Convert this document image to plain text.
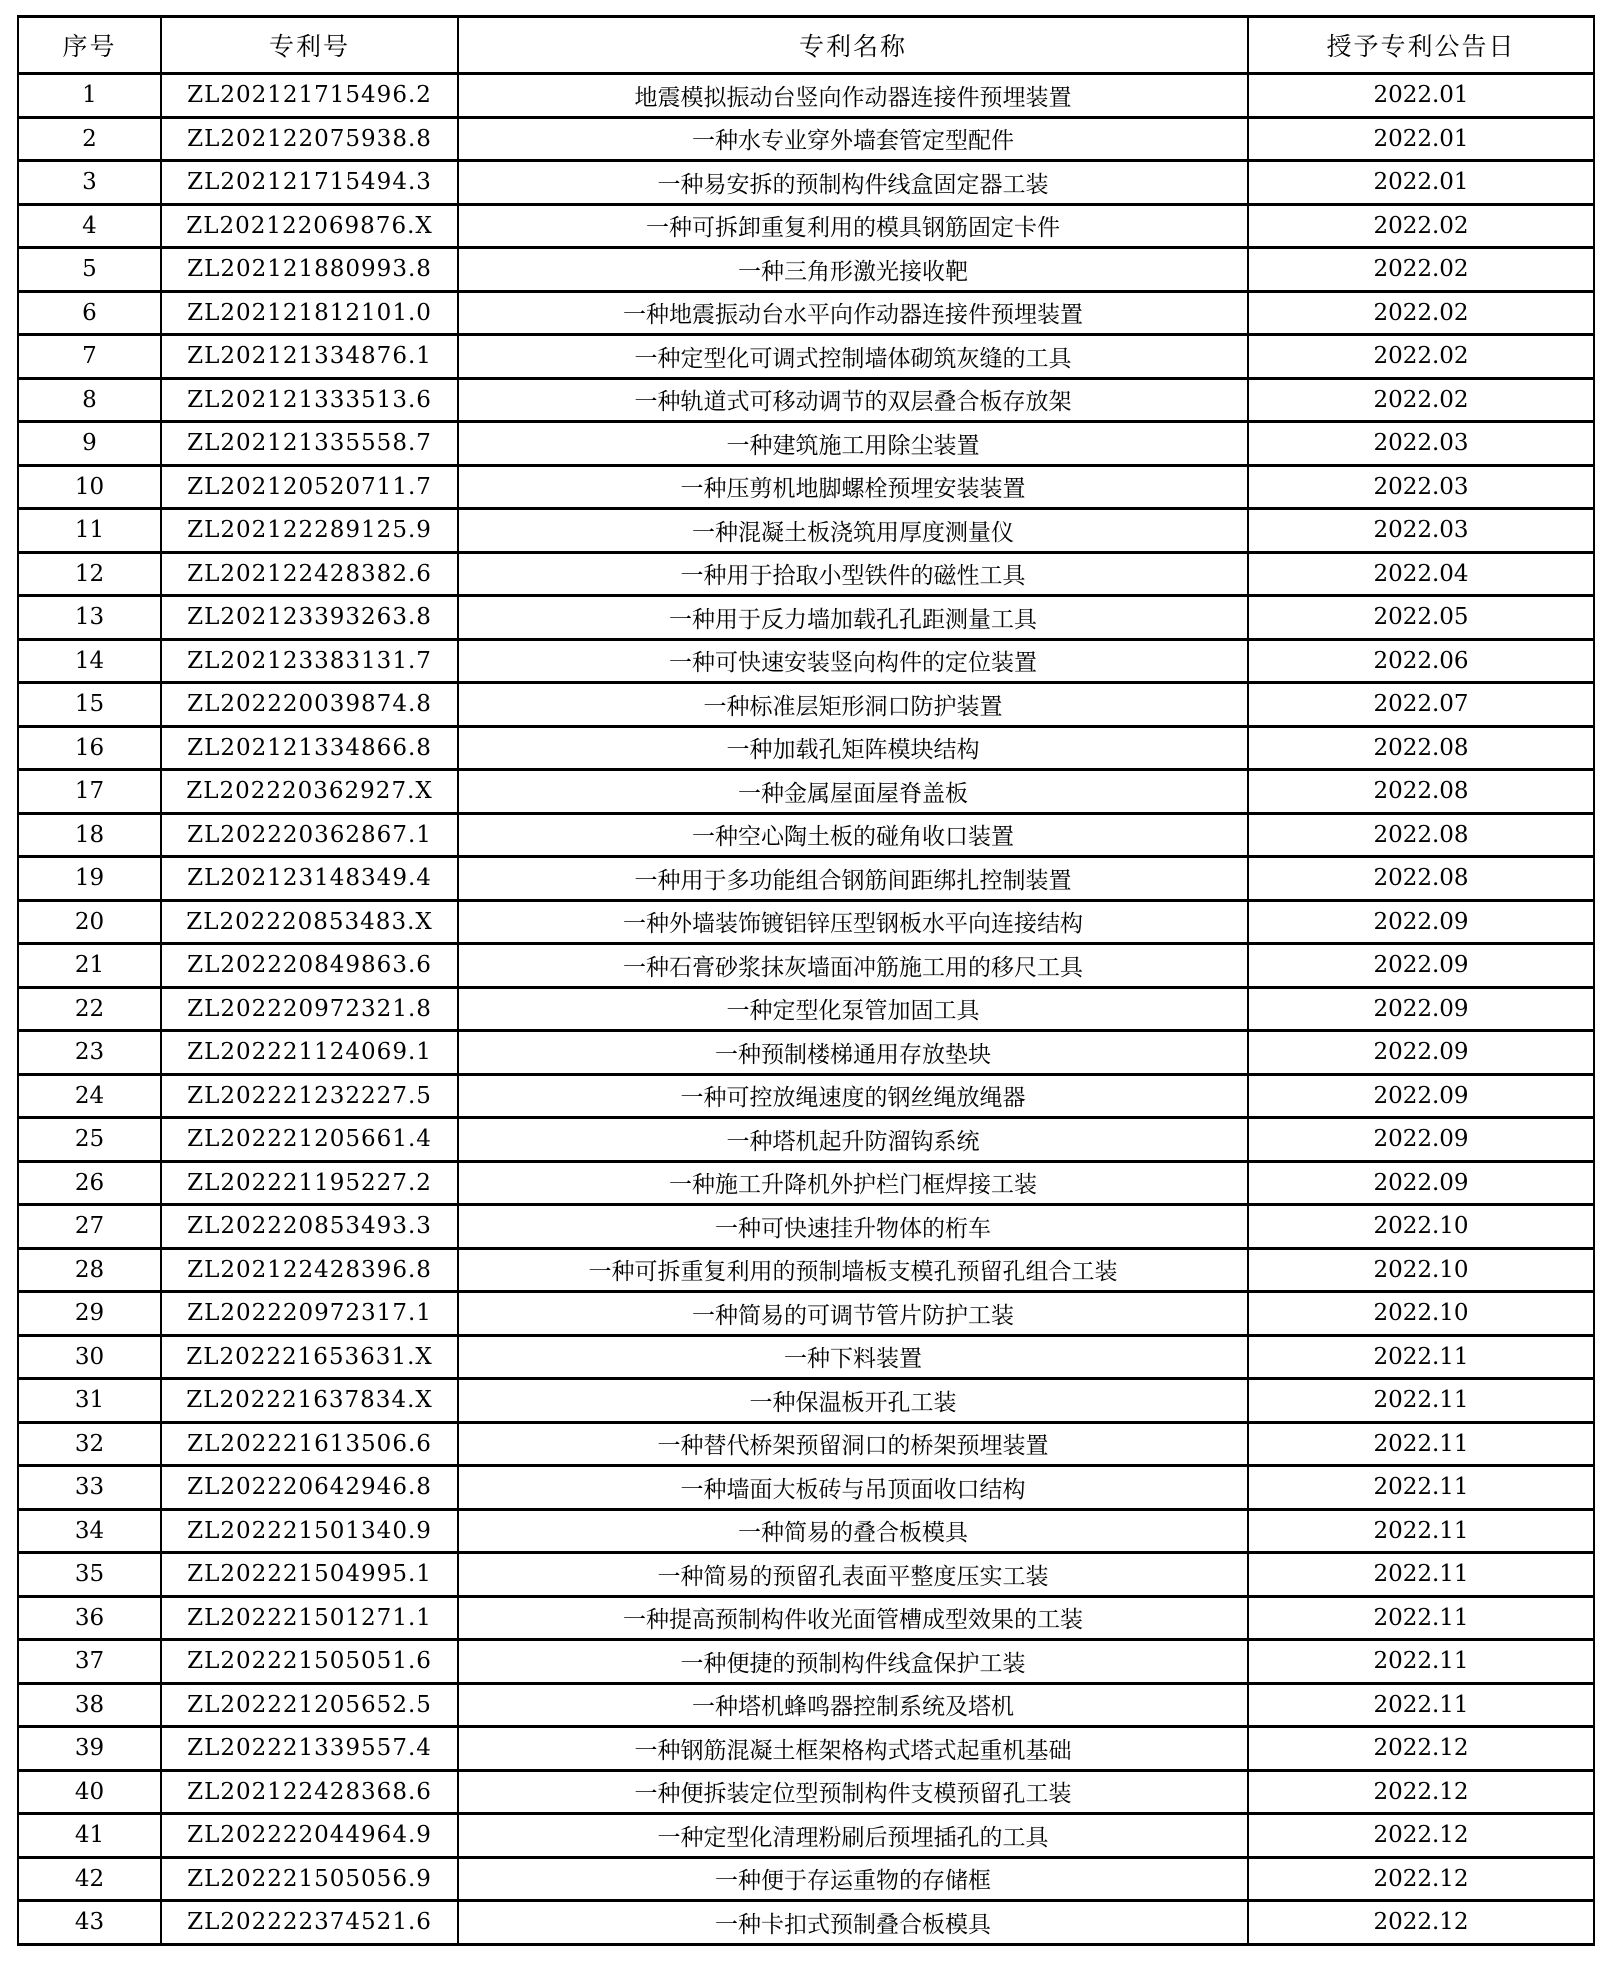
序号	专利号	专利名称	授予专利公告日
1	ZL202121715496.2	地震模拟振动台竖向作动器连接件预埋装置	2022.01
2	ZL202122075938.8	一种水专业穿外墙套管定型配件	2022.01
3	ZL202121715494.3	一种易安拆的预制构件线盒固定器工装	2022.01
4	ZL202122069876.X	一种可拆卸重复利用的模具钢筋固定卡件	2022.02
5	ZL202121880993.8	一种三角形激光接收靶	2022.02
6	ZL202121812101.0	一种地震振动台水平向作动器连接件预埋装置	2022.02
7	ZL202121334876.1	一种定型化可调式控制墙体砌筑灰缝的工具	2022.02
8	ZL202121333513.6	一种轨道式可移动调节的双层叠合板存放架	2022.02
9	ZL202121335558.7	一种建筑施工用除尘装置	2022.03
10	ZL202120520711.7	一种压剪机地脚螺栓预埋安装装置	2022.03
11	ZL202122289125.9	一种混凝土板浇筑用厚度测量仪	2022.03
12	ZL202122428382.6	一种用于拾取小型铁件的磁性工具	2022.04
13	ZL202123393263.8	一种用于反力墙加载孔孔距测量工具	2022.05
14	ZL202123383131.7	一种可快速安装竖向构件的定位装置	2022.06
15	ZL202220039874.8	一种标准层矩形洞口防护装置	2022.07
16	ZL202121334866.8	一种加载孔矩阵模块结构	2022.08
17	ZL202220362927.X	一种金属屋面屋脊盖板	2022.08
18	ZL202220362867.1	一种空心陶土板的碰角收口装置	2022.08
19	ZL202123148349.4	一种用于多功能组合钢筋间距绑扎控制装置	2022.08
20	ZL202220853483.X	一种外墙装饰镀铝锌压型钢板水平向连接结构	2022.09
21	ZL202220849863.6	一种石膏砂浆抹灰墙面冲筋施工用的移尺工具	2022.09
22	ZL202220972321.8	一种定型化泵管加固工具	2022.09
23	ZL202221124069.1	一种预制楼梯通用存放垫块	2022.09
24	ZL202221232227.5	一种可控放绳速度的钢丝绳放绳器	2022.09
25	ZL202221205661.4	一种塔机起升防溜钩系统	2022.09
26	ZL202221195227.2	一种施工升降机外护栏门框焊接工装	2022.09
27	ZL202220853493.3	一种可快速挂升物体的桁车	2022.10
28	ZL202122428396.8	一种可拆重复利用的预制墙板支模孔预留孔组合工装	2022.10
29	ZL202220972317.1	一种简易的可调节管片防护工装	2022.10
30	ZL202221653631.X	一种下料装置	2022.11
31	ZL202221637834.X	一种保温板开孔工装	2022.11
32	ZL202221613506.6	一种替代桥架预留洞口的桥架预埋装置	2022.11
33	ZL202220642946.8	一种墙面大板砖与吊顶面收口结构	2022.11
34	ZL202221501340.9	一种简易的叠合板模具	2022.11
35	ZL202221504995.1	一种简易的预留孔表面平整度压实工装	2022.11
36	ZL202221501271.1	一种提高预制构件收光面管槽成型效果的工装	2022.11
37	ZL202221505051.6	一种便捷的预制构件线盒保护工装	2022.11
38	ZL202221205652.5	一种塔机蜂鸣器控制系统及塔机	2022.11
39	ZL202221339557.4	一种钢筋混凝土框架格构式塔式起重机基础	2022.12
40	ZL202122428368.6	一种便拆装定位型预制构件支模预留孔工装	2022.12
41	ZL202222044964.9	一种定型化清理粉刷后预埋插孔的工具	2022.12
42	ZL202221505056.9	一种便于存运重物的存储框	2022.12
43	ZL202222374521.6	一种卡扣式预制叠合板模具	2022.12
